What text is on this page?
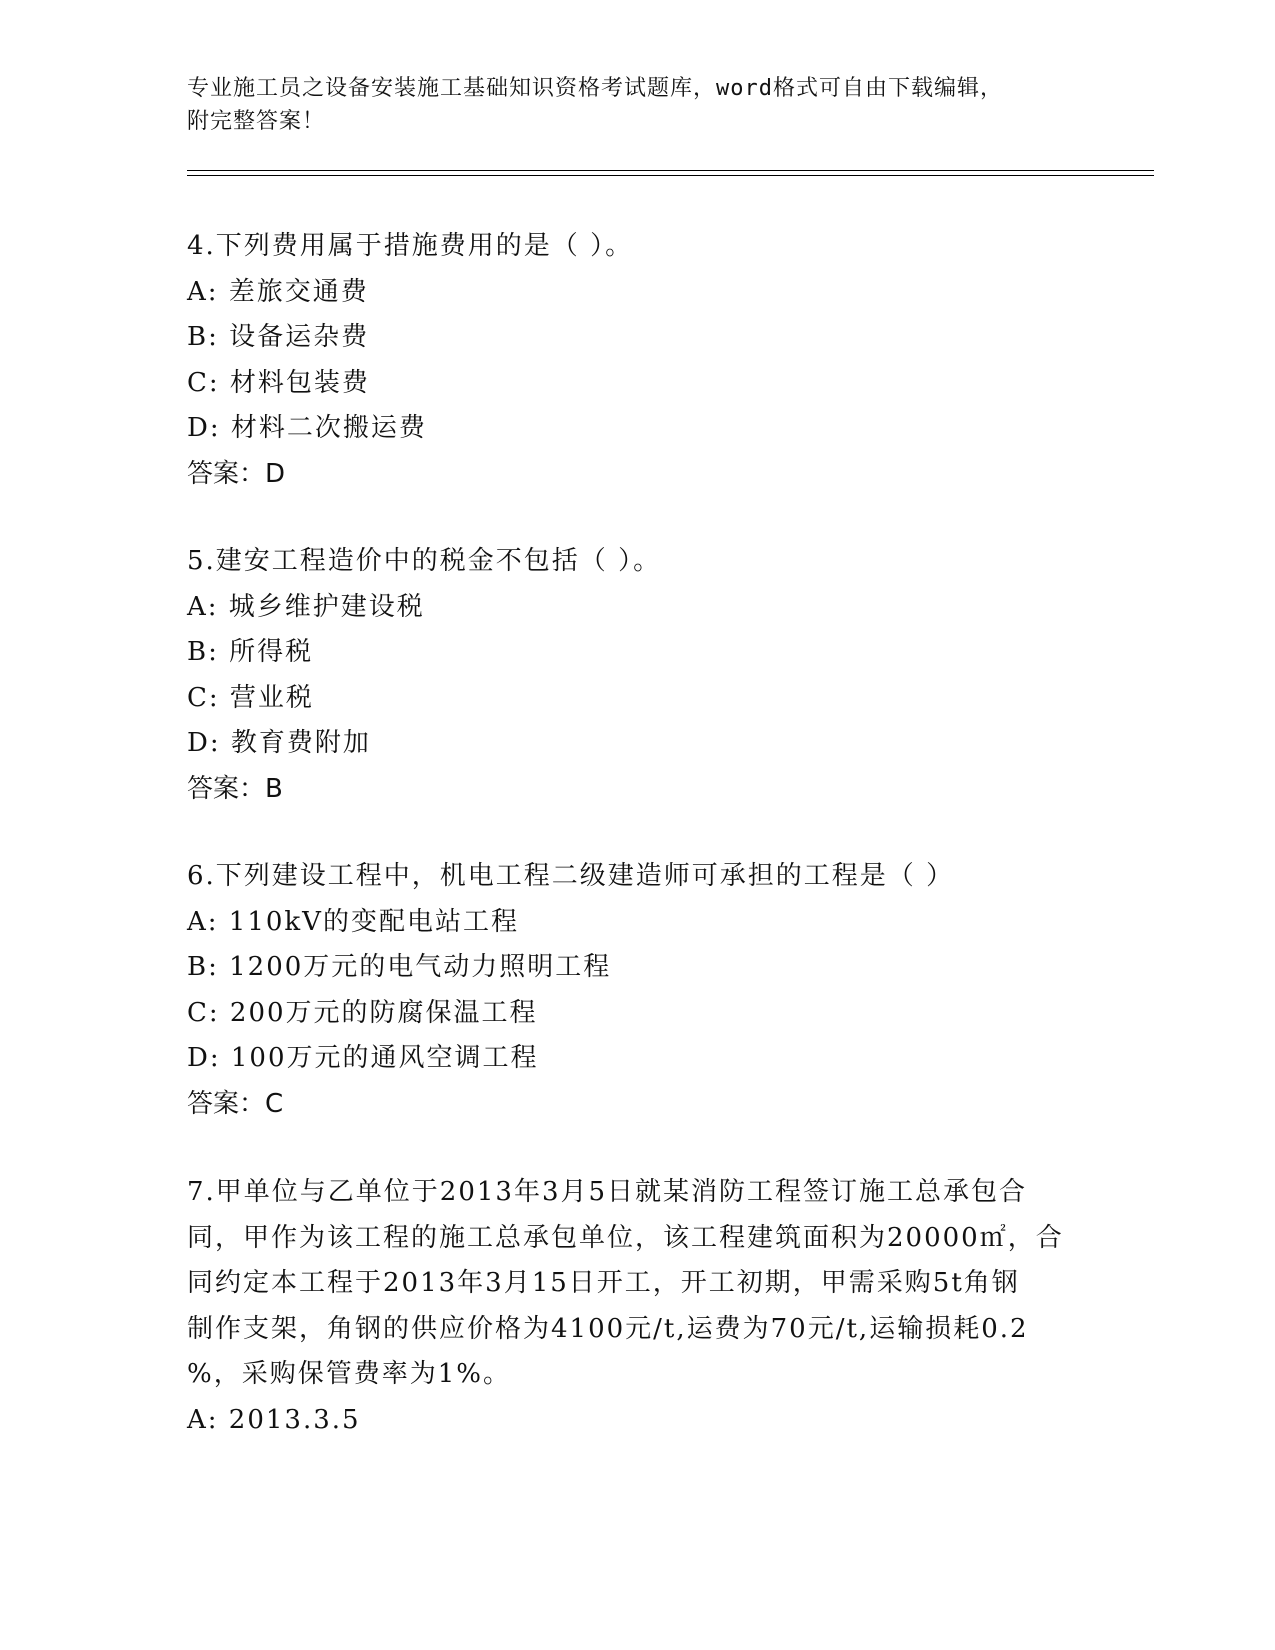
专业施工员之设备安装施工基础知识资格考试题库，word格式可自由下载编辑，
附完整答案！
4.下列费用属于措施费用的是（ ）。
A: 差旅交通费
B: 设备运杂费
C: 材料包装费
D: 材料二次搬运费
答案：D
5.建安工程造价中的税金不包括（ ）。
A: 城乡维护建设税
B: 所得税
C: 营业税
D: 教育费附加
答案：B
6.下列建设工程中，机电工程二级建造师可承担的工程是（ ）
A: 110kV的变配电站工程
B: 1200万元的电气动力照明工程
C: 200万元的防腐保温工程
D: 100万元的通风空调工程
答案：C
7.甲单位与乙单位于2013年3月5日就某消防工程签订施工总承包合
同，甲作为该工程的施工总承包单位，该工程建筑面积为20000㎡，合
同约定本工程于2013年3月15日开工，开工初期，甲需采购5t角钢
制作支架，角钢的供应价格为4100元/t,运费为70元/t,运输损耗0.2
%，采购保管费率为1%。
A: 2013.3.5
